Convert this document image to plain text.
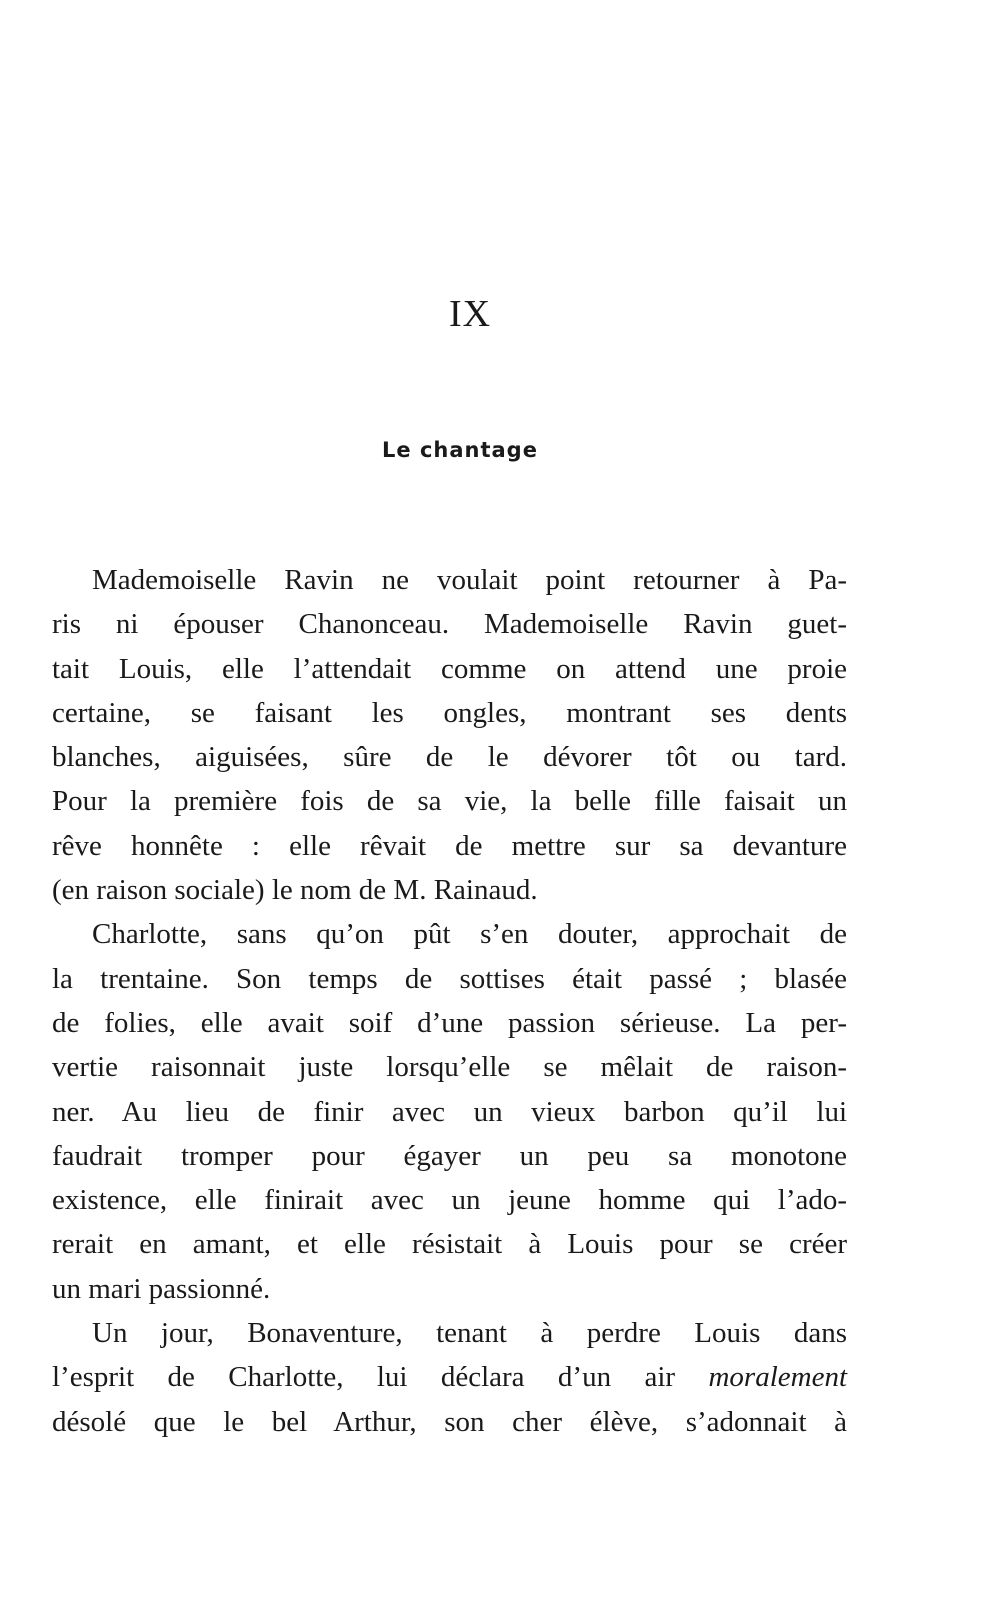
IX
Le chantage
Mademoiselle Ravin ne voulait point retourner à Pa-
ris ni épouser Chanonceau. Mademoiselle Ravin guet-
tait Louis, elle l’attendait comme on attend une proie
certaine, se faisant les ongles, montrant ses dents
blanches, aiguisées, sûre de le dévorer tôt ou tard.
Pour la première fois de sa vie, la belle fille faisait un
rêve honnête : elle rêvait de mettre sur sa devanture
(en raison sociale) le nom de M. Rainaud.
Charlotte, sans qu’on pût s’en douter, approchait de
la trentaine. Son temps de sottises était passé ; blasée
de folies, elle avait soif d’une passion sérieuse. La per-
vertie raisonnait juste lorsqu’elle se mêlait de raison-
ner. Au lieu de finir avec un vieux barbon qu’il lui
faudrait tromper pour égayer un peu sa monotone
existence, elle finirait avec un jeune homme qui l’ado-
rerait en amant, et elle résistait à Louis pour se créer
un mari passionné.
Un jour, Bonaventure, tenant à perdre Louis dans
l’esprit de Charlotte, lui déclara d’un air moralement
désolé que le bel Arthur, son cher élève, s’adonnait à
